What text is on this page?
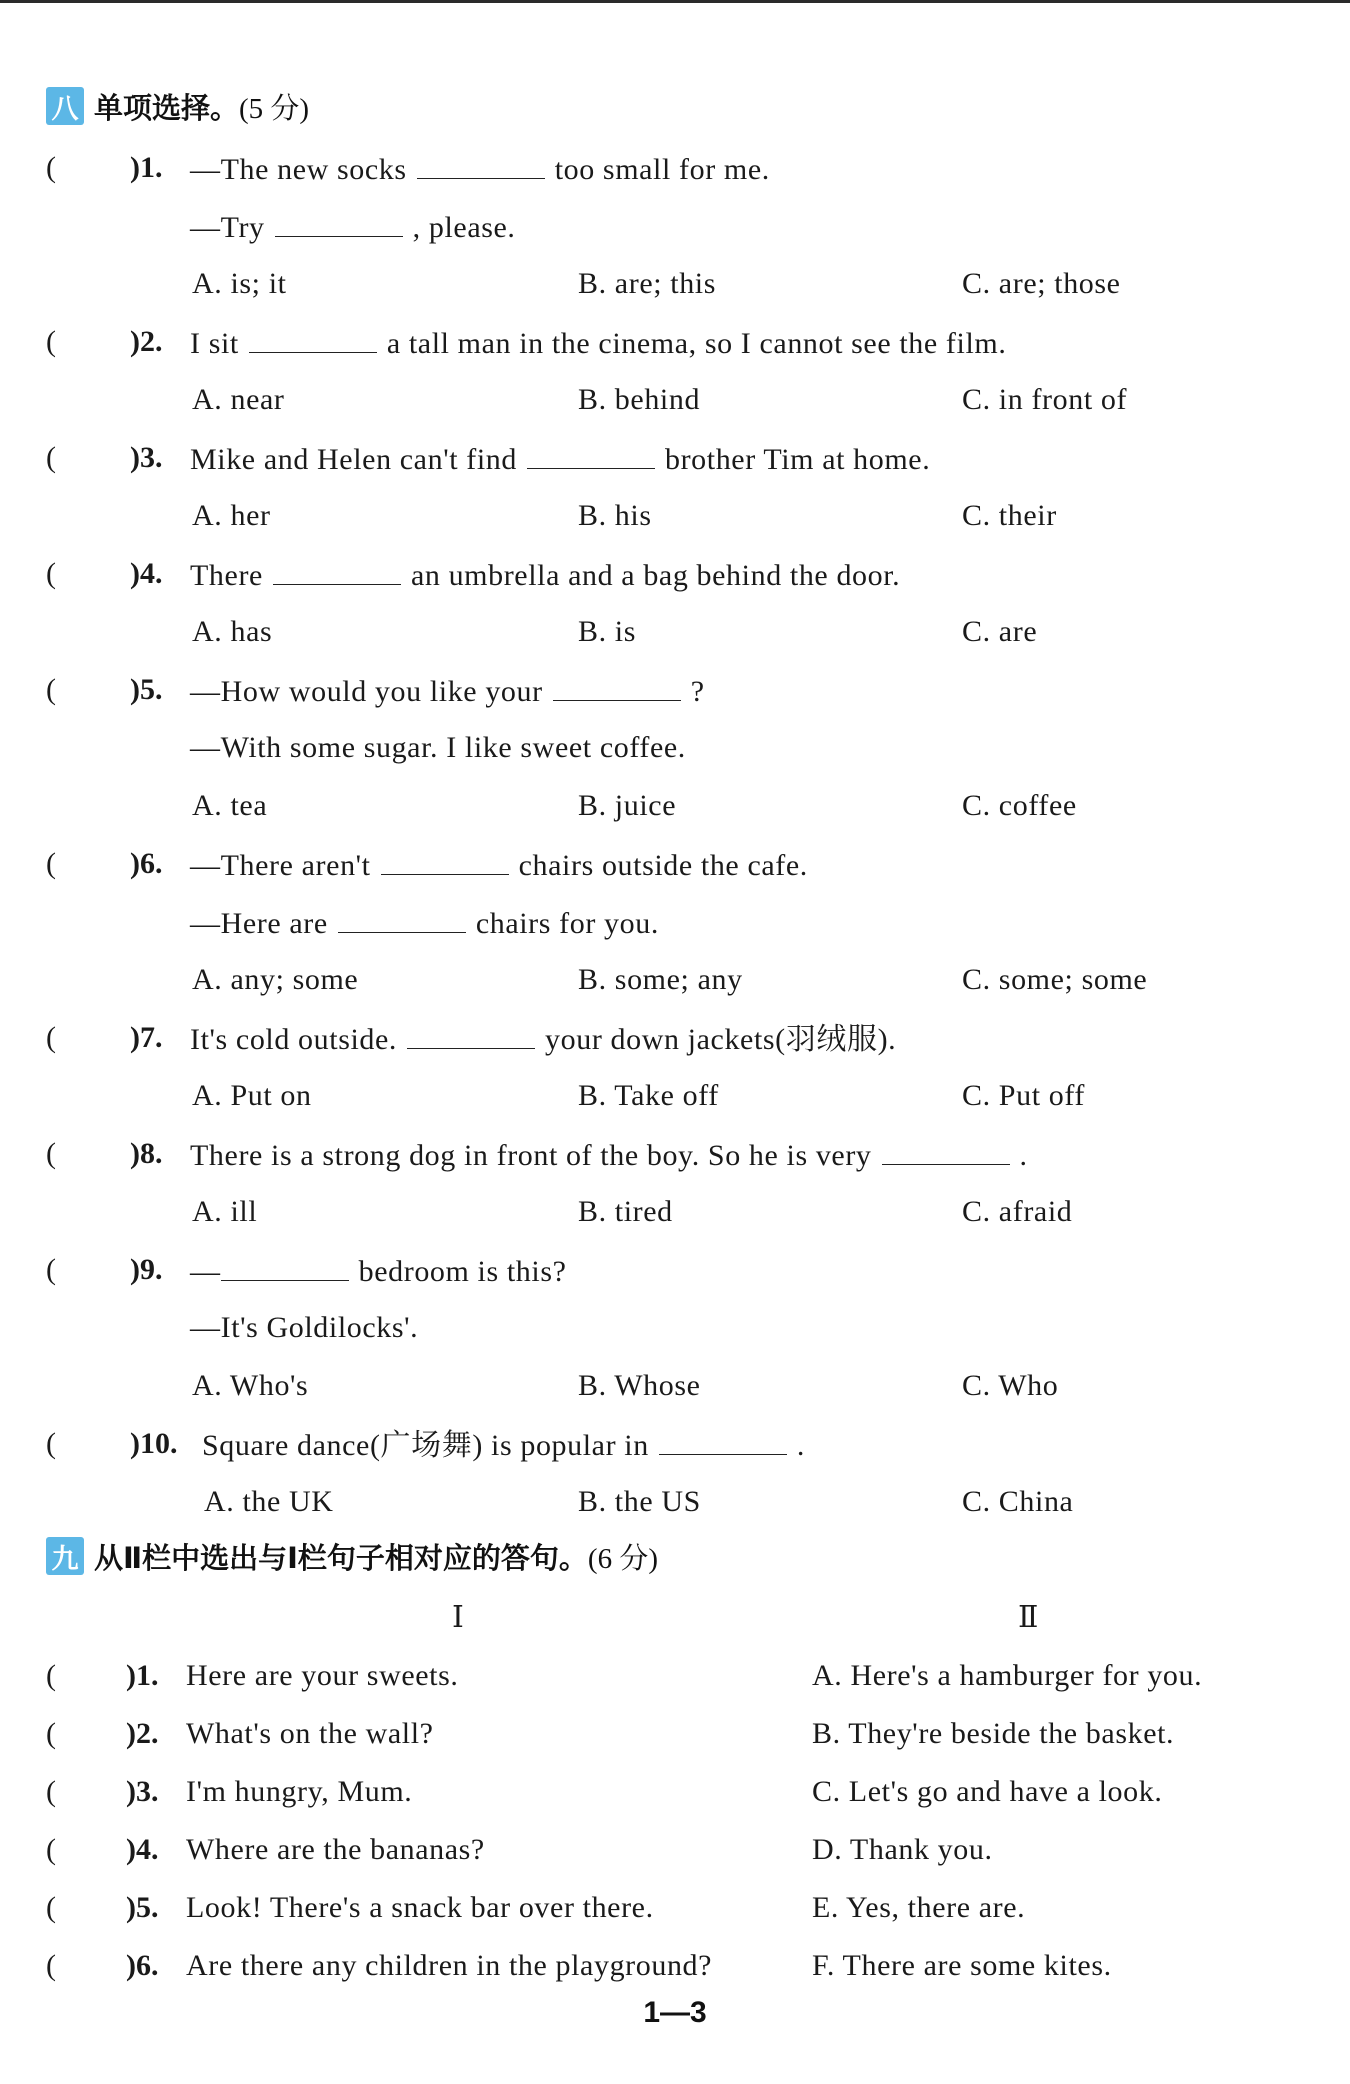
八 单项选择。 (5 分)
( )1. —The new socks	too small for me.
—Try	, please.
A. is; it	B. are; this	C. are; those
( )2. I sit	a tall man in the cinema, so I cannot see the film.
A. near	B. behind	C. in front of
( )3. Mike and Helen can't find	brother Tim at home.
A. her	B. his	C. their
( )4. There	an umbrella and a bag behind the door.
A. has	B. is	C. are
( )5. —How would you like your	?
—With some sugar. I like sweet coffee.
A. tea	B. juice	C. coffee
( )6. —There aren't	chairs outside the cafe.
—Here are	chairs for you.
A. any; some	B. some; any	C. some; some
( )7. It's cold outside.	your down jackets(羽绒服).
A. Put on	B. Take off	C. Put off
( )8. There is a strong dog in front of the boy. So he is very	.
A. ill	B. tired	C. afraid
( )9. —	bedroom is this?
—It's Goldilocks'.
A. Who's	B. Whose	C. Who
( )10. Square dance(广场舞) is popular in	.
A. the UK	B. the US	C. China
九 从Ⅱ栏中选出与Ⅰ栏句子相对应的答句。 (6 分)
Ⅰ	Ⅱ
( )1. Here are your sweets.	A. Here's a hamburger for you.
( )2. What's on the wall?	B. They're beside the basket.
( )3. I'm hungry, Mum.	C. Let's go and have a look.
( )4. Where are the bananas?	D. Thank you.
( )5. Look! There's a snack bar over there.	E. Yes, there are.
( )6. Are there any children in the playground?	F. There are some kites.
1—3
